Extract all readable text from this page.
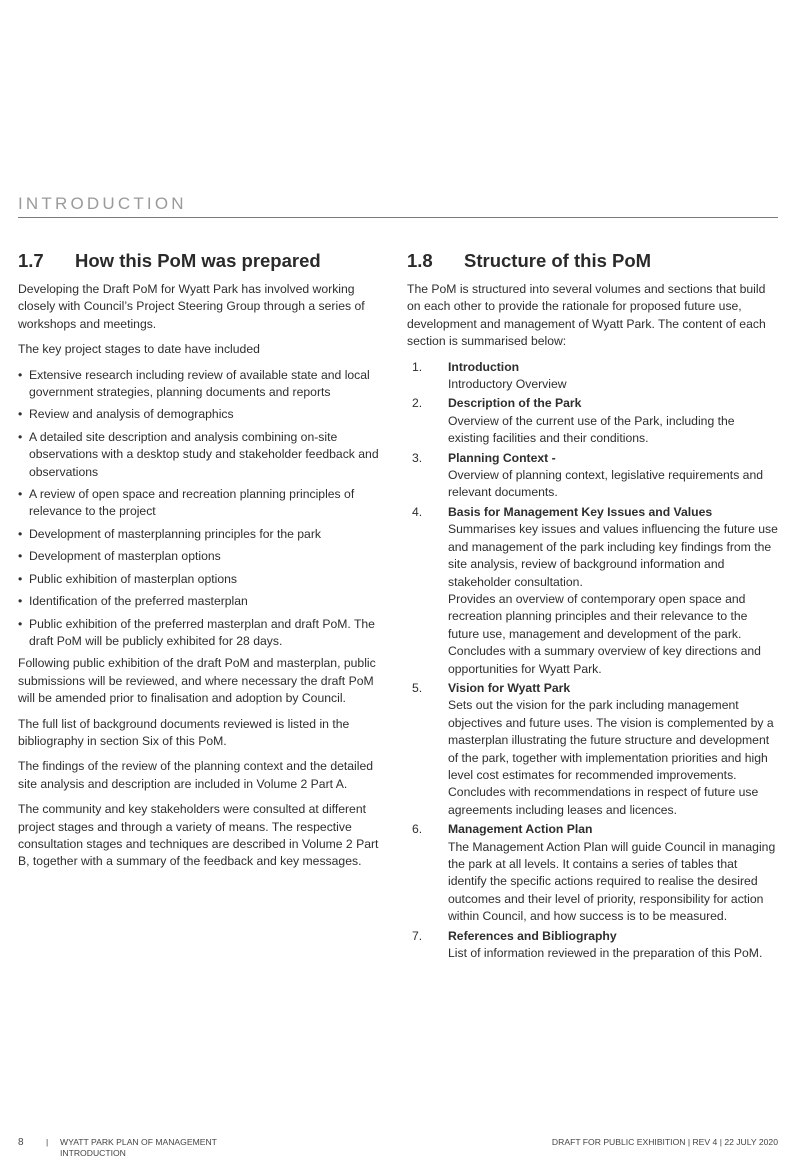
INTRODUCTION
1.7	How this PoM was prepared

Developing the Draft PoM for Wyatt Park has involved working closely with Council’s Project Steering Group through a series of workshops and meetings.

The key project stages to date have included

• Extensive research including review of available state and local government strategies, planning documents and reports
• Review and analysis of demographics
• A detailed site description and analysis combining on-site observations with a desktop study and stakeholder feedback and observations
• A review of open space and recreation planning principles of relevance to the project
• Development of masterplanning principles for the park
• Development of masterplan options
• Public exhibition of masterplan options
• Identification of the preferred masterplan
• Public exhibition of the preferred masterplan and draft PoM. The draft PoM will be publicly exhibited for 28 days.

Following public exhibition of the draft PoM and masterplan, public submissions will be reviewed, and where necessary the draft PoM will be amended prior to finalisation and adoption by Council.

The full list of background documents reviewed is listed in the bibliography in section Six of this PoM.

The findings of the review of the planning context and the detailed site analysis and description are included in Volume 2 Part A.

The community and key stakeholders were consulted at different project stages and through a variety of means. The respective consultation stages and techniques are described in Volume 2 Part B, together with a summary of the feedback and key messages.

1.8	Structure of this PoM

The PoM is structured into several volumes and sections that build on each other to provide the rationale for proposed future use, development and management of Wyatt Park. The content of each section is summarised below:

1.	Introduction
Introductory Overview
2.	Description of the Park
Overview of the current use of the Park, including the existing facilities and their conditions.
3.	Planning Context -
Overview of planning context, legislative requirements and relevant documents.
4.	Basis for Management Key Issues and Values
Summarises key issues and values influencing the future use and management of the park including key findings from the site analysis, review of background information and stakeholder consultation.
Provides an overview of contemporary open space and recreation planning principles and their relevance to the future use, management and development of the park.
Concludes with a summary overview of key directions and opportunities for Wyatt Park.
5.	Vision for Wyatt Park
Sets out the vision for the park including management objectives and future uses. The vision is complemented by a masterplan illustrating the future structure and development of the park, together with implementation priorities and high level cost estimates for recommended improvements.
Concludes with recommendations in respect of future use agreements including leases and licences.
6.	Management Action Plan
The Management Action Plan will guide Council in managing the park at all levels. It contains a series of tables that identify the specific actions required to realise the desired outcomes and their level of priority, responsibility for action within Council, and how success is to be measured.
7.	References and Bibliography
List of information reviewed in the preparation of this PoM.
8	|	WYATT PARK PLAN OF MANAGEMENT
INTRODUCTION
DRAFT FOR PUBLIC EXHIBITION | REV 4 | 22 JULY 2020
